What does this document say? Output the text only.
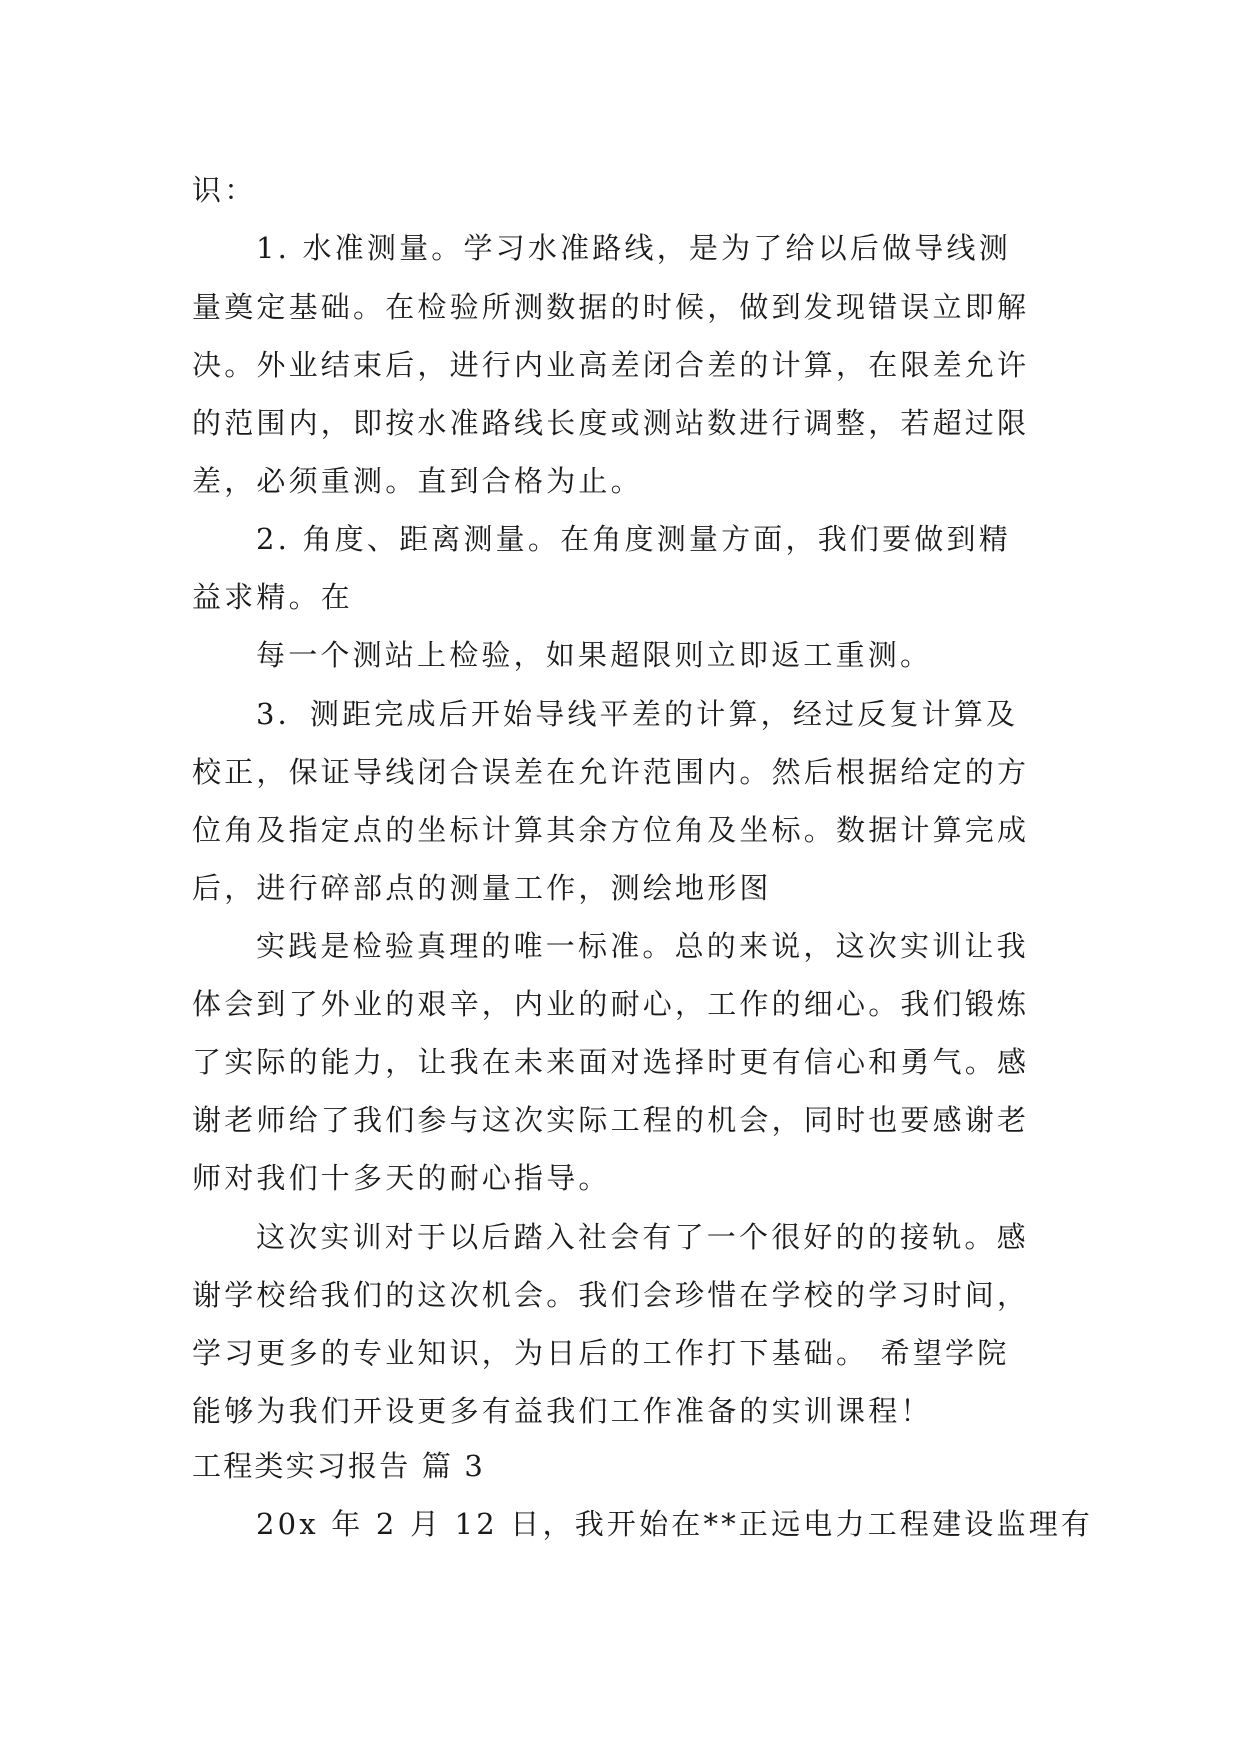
识：
1. 水准测量。学习水准路线，是为了给以后做导线测
量奠定基础。在检验所测数据的时候，做到发现错误立即解
决。外业结束后，进行内业高差闭合差的计算，在限差允许
的范围内，即按水准路线长度或测站数进行调整，若超过限
差，必须重测。直到合格为止。
2. 角度、距离测量。在角度测量方面，我们要做到精
益求精。在
每一个测站上检验，如果超限则立即返工重测。
3．测距完成后开始导线平差的计算，经过反复计算及
校正，保证导线闭合误差在允许范围内。然后根据给定的方
位角及指定点的坐标计算其余方位角及坐标。数据计算完成
后，进行碎部点的测量工作，测绘地形图
实践是检验真理的唯一标准。总的来说，这次实训让我
体会到了外业的艰辛，内业的耐心，工作的细心。我们锻炼
了实际的能力，让我在未来面对选择时更有信心和勇气。感
谢老师给了我们参与这次实际工程的机会，同时也要感谢老
师对我们十多天的耐心指导。
这次实训对于以后踏入社会有了一个很好的的接轨。感
谢学校给我们的这次机会。我们会珍惜在学校的学习时间，
学习更多的专业知识，为日后的工作打下基础。 希望学院
能够为我们开设更多有益我们工作准备的实训课程！
工程类实习报告 篇 3
20x 年 2 月 12 日，我开始在**正远电力工程建设监理有
